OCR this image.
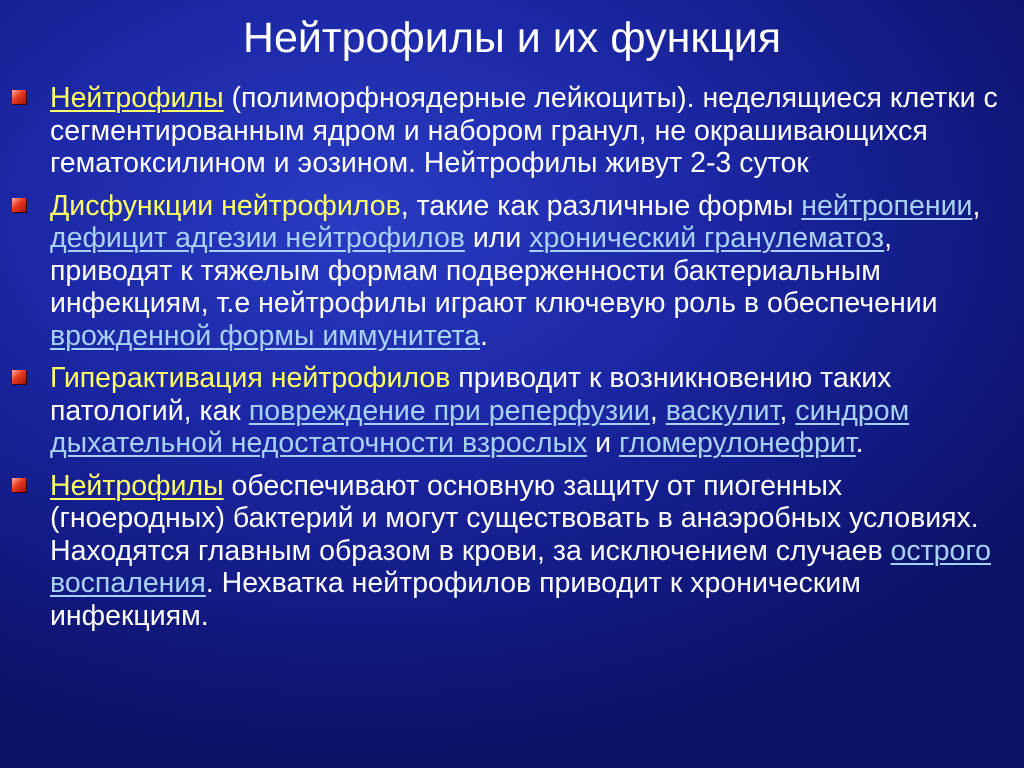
Нейтрофилы и их функция
Нейтрофилы (полиморфноядерные лейкоциты). неделящиеся клетки с сегментированным ядром и набором гранул, не окрашивающихся гематоксилином и эозином. Нейтрофилы живут 2-3 суток
Дисфункции нейтрофилов, такие как различные формы нейтропении, дефицит адгезии нейтрофилов или хронический гранулематоз, приводят к тяжелым формам подверженности бактериальным инфекциям, т.е нейтрофилы играют ключевую роль в обеспечении врожденной формы иммунитета.
Гиперактивация нейтрофилов приводит к возникновению таких патологий, как повреждение при реперфузии, васкулит, синдром дыхательной недостаточности взрослых и гломерулонефрит.
Нейтрофилы обеспечивают основную защиту от пиогенных (гноеродных) бактерий и могут существовать в анаэробных условиях. Находятся главным образом в крови, за исключением случаев острого воспаления. Нехватка нейтрофилов приводит к хроническим инфекциям.
